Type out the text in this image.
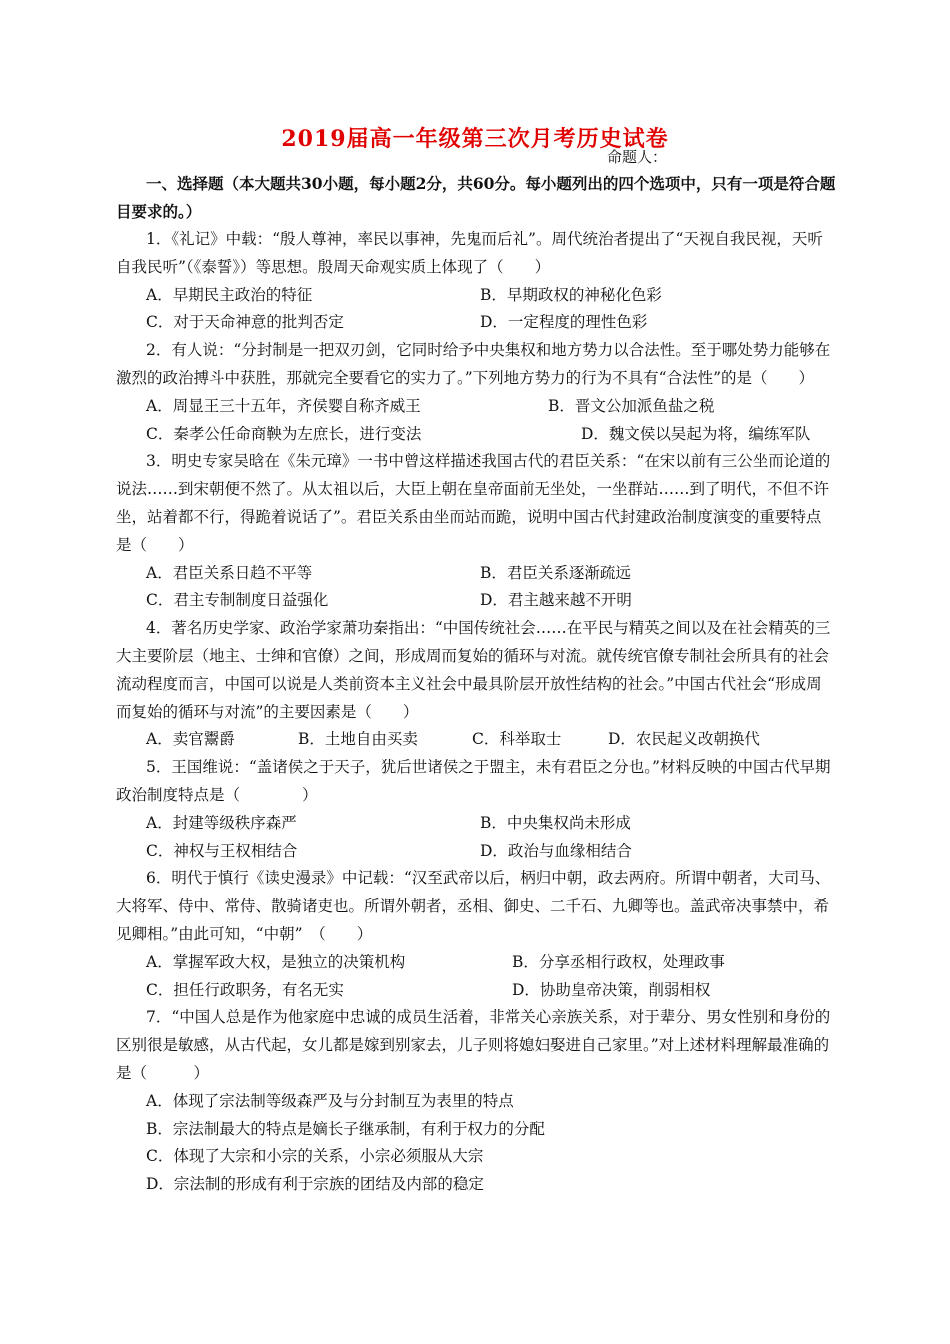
2019届高一年级第三次月考历史试卷
命题人：
一、选择题（本大题共30小题，每小题2分，共60分。每小题列出的四个选项中，只有一项是符合题目要求的。）

1．《礼记》中载：“殷人尊神，率民以事神，先鬼而后礼”。周代统治者提出了“天视自我民视，天听自我民听”（《泰誓》）等思想。殷周天命观实质上体现了（　　）

A．早期民主政治的特征	B．早期政权的神秘化色彩
C．对于天命神意的批判否定	D．一定程度的理性色彩

2．有人说：“分封制是一把双刃剑，它同时给予中央集权和地方势力以合法性。至于哪处势力能够在激烈的政治搏斗中获胜，那就完全要看它的实力了。”下列地方势力的行为不具有“合法性”的是（　　）

A．周显王三十五年，齐侯婴自称齐威王	B．晋文公加派鱼盐之税
C．秦孝公任命商鞅为左庶长，进行变法	D．魏文侯以吴起为将，编练军队

3．明史专家吴晗在《朱元璋》一书中曾这样描述我国古代的君臣关系：“在宋以前有三公坐而论道的说法……到宋朝便不然了。从太祖以后，大臣上朝在皇帝面前无坐处，一坐群站……到了明代，不但不许坐，站着都不行，得跪着说话了”。君臣关系由坐而站而跪，说明中国古代封建政治制度演变的重要特点是（　　）

A．君臣关系日趋不平等	B．君臣关系逐渐疏远
C．君主专制制度日益强化	D．君主越来越不开明

4．著名历史学家、政治学家萧功秦指出：“中国传统社会……在平民与精英之间以及在社会精英的三大主要阶层（地主、士绅和官僚）之间，形成周而复始的循环与对流。就传统官僚专制社会所具有的社会流动程度而言，中国可以说是人类前资本主义社会中最具阶层开放性结构的社会。”中国古代社会“形成周而复始的循环与对流”的主要因素是（　　）

A．卖官鬻爵	B．土地自由买卖	C．科举取士	D．农民起义改朝换代

5．王国维说：“盖诸侯之于天子，犹后世诸侯之于盟主，未有君臣之分也。”材料反映的中国古代早期政治制度特点是（　　　　）

A．封建等级秩序森严	B．中央集权尚未形成
C．神权与王权相结合	D．政治与血缘相结合

6．明代于慎行《读史漫录》中记载：“汉至武帝以后，柄归中朝，政去两府。所谓中朝者，大司马、大将军、侍中、常侍、散骑诸吏也。所谓外朝者，丞相、御史、二千石、九卿等也。盖武帝决事禁中，希见卿相。”由此可知，“中朝”　（　　）

A．掌握军政大权，是独立的决策机构	B．分享丞相行政权，处理政事
C．担任行政职务，有名无实	D．协助皇帝决策，削弱相权

7．“中国人总是作为他家庭中忠诚的成员生活着，非常关心亲族关系，对于辈分、男女性别和身份的区别很是敏感，从古代起，女儿都是嫁到别家去，儿子则将媳妇娶进自己家里。”对上述材料理解最准确的是（　　　）

A．体现了宗法制等级森严及与分封制互为表里的特点

B．宗法制最大的特点是嫡长子继承制，有利于权力的分配

C．体现了大宗和小宗的关系，小宗必须服从大宗

D．宗法制的形成有利于宗族的团结及内部的稳定
